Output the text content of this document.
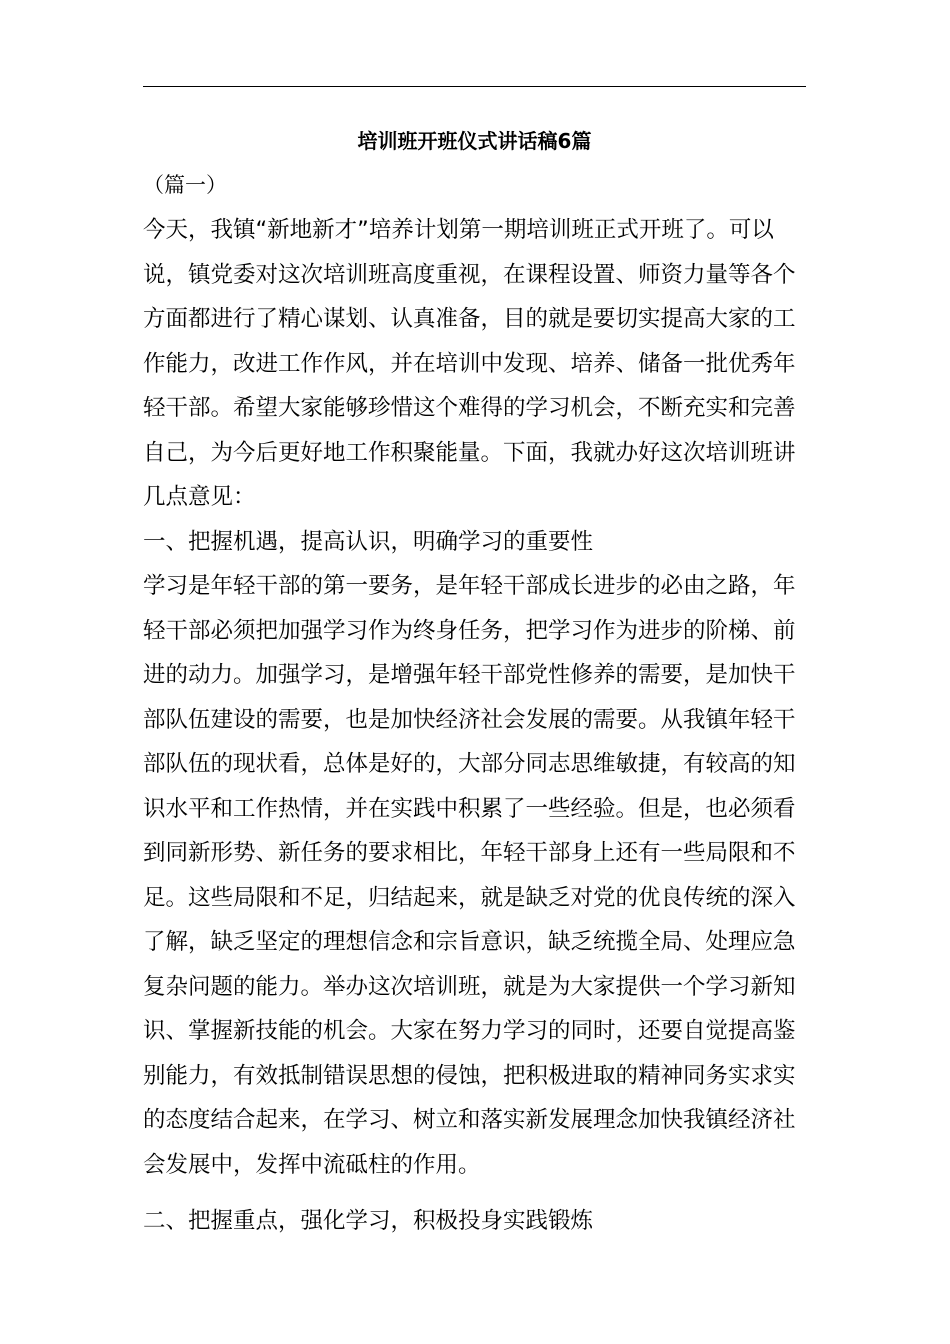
培训班开班仪式讲话稿6篇
（篇一）
今天，我镇“新地新才”培养计划第一期培训班正式开班了。可以
说，镇党委对这次培训班高度重视，在课程设置、师资力量等各个
方面都进行了精心谋划、认真准备，目的就是要切实提高大家的工
作能力，改进工作作风，并在培训中发现、培养、储备一批优秀年
轻干部。希望大家能够珍惜这个难得的学习机会，不断充实和完善
自己，为今后更好地工作积聚能量。下面，我就办好这次培训班讲
几点意见：
一、把握机遇，提高认识，明确学习的重要性
学习是年轻干部的第一要务，是年轻干部成长进步的必由之路，年
轻干部必须把加强学习作为终身任务，把学习作为进步的阶梯、前
进的动力。加强学习，是增强年轻干部党性修养的需要，是加快干
部队伍建设的需要，也是加快经济社会发展的需要。从我镇年轻干
部队伍的现状看，总体是好的，大部分同志思维敏捷，有较高的知
识水平和工作热情，并在实践中积累了一些经验。但是，也必须看
到同新形势、新任务的要求相比，年轻干部身上还有一些局限和不
足。这些局限和不足，归结起来，就是缺乏对党的优良传统的深入
了解，缺乏坚定的理想信念和宗旨意识，缺乏统揽全局、处理应急
复杂问题的能力。举办这次培训班，就是为大家提供一个学习新知
识、掌握新技能的机会。大家在努力学习的同时，还要自觉提高鉴
别能力，有效抵制错误思想的侵蚀，把积极进取的精神同务实求实
的态度结合起来，在学习、树立和落实新发展理念加快我镇经济社
会发展中，发挥中流砥柱的作用。
二、把握重点，强化学习，积极投身实践锻炼
